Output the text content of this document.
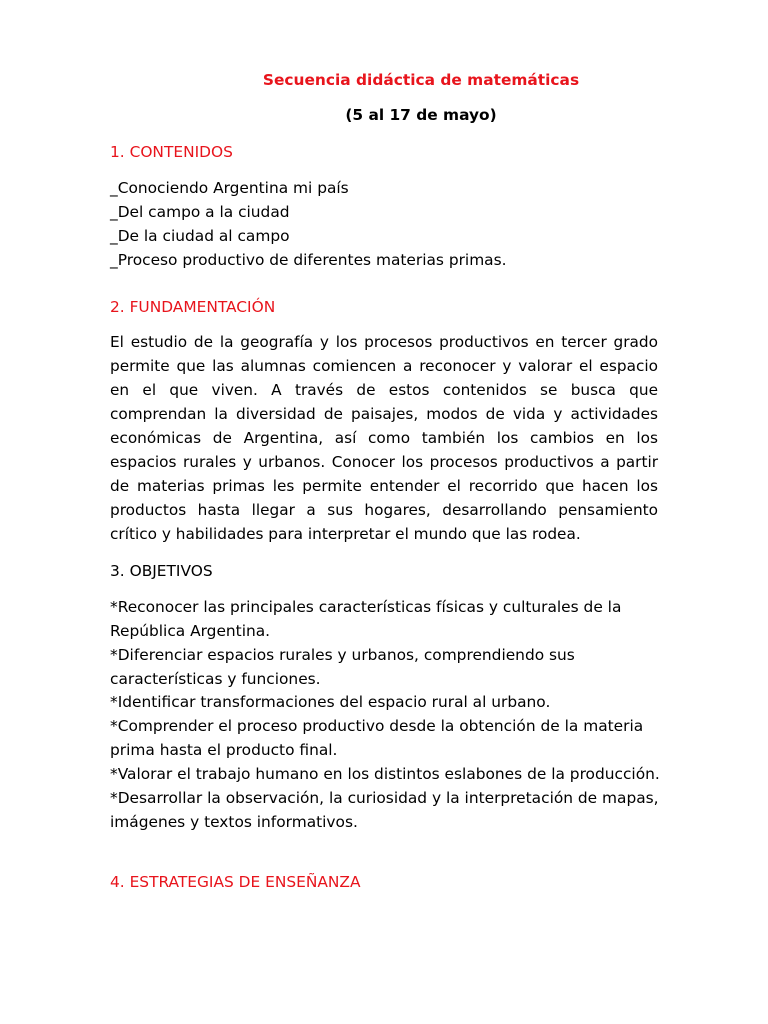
Secuencia didáctica de matemáticas
(5 al 17 de mayo)
1. CONTENIDOS
_Conociendo Argentina mi país
_Del campo a la ciudad
_De la ciudad al campo
_Proceso productivo de diferentes materias primas.
2. FUNDAMENTACIÓN

El estudio de la geografía y los procesos productivos en tercer grado permite que las alumnas comiencen a reconocer y valorar el espacio en el que viven. A través de estos contenidos se busca que comprendan la diversidad de paisajes, modos de vida y actividades económicas de Argentina, así como también los cambios en los espacios rurales y urbanos. Conocer los procesos productivos a partir de materias primas les permite entender el recorrido que hacen los productos hasta llegar a sus hogares, desarrollando pensamiento crítico y habilidades para interpretar el mundo que las rodea.

3. OBJETIVOS
*Reconocer las principales características físicas y culturales de la
República Argentina.
*Diferenciar espacios rurales y urbanos, comprendiendo sus
características y funciones.
*Identificar transformaciones del espacio rural al urbano.
*Comprender el proceso productivo desde la obtención de la materia
prima hasta el producto final.
*Valorar el trabajo humano en los distintos eslabones de la producción.
*Desarrollar la observación, la curiosidad y la interpretación de mapas,
imágenes y textos informativos.
4. ESTRATEGIAS DE ENSEÑANZA
